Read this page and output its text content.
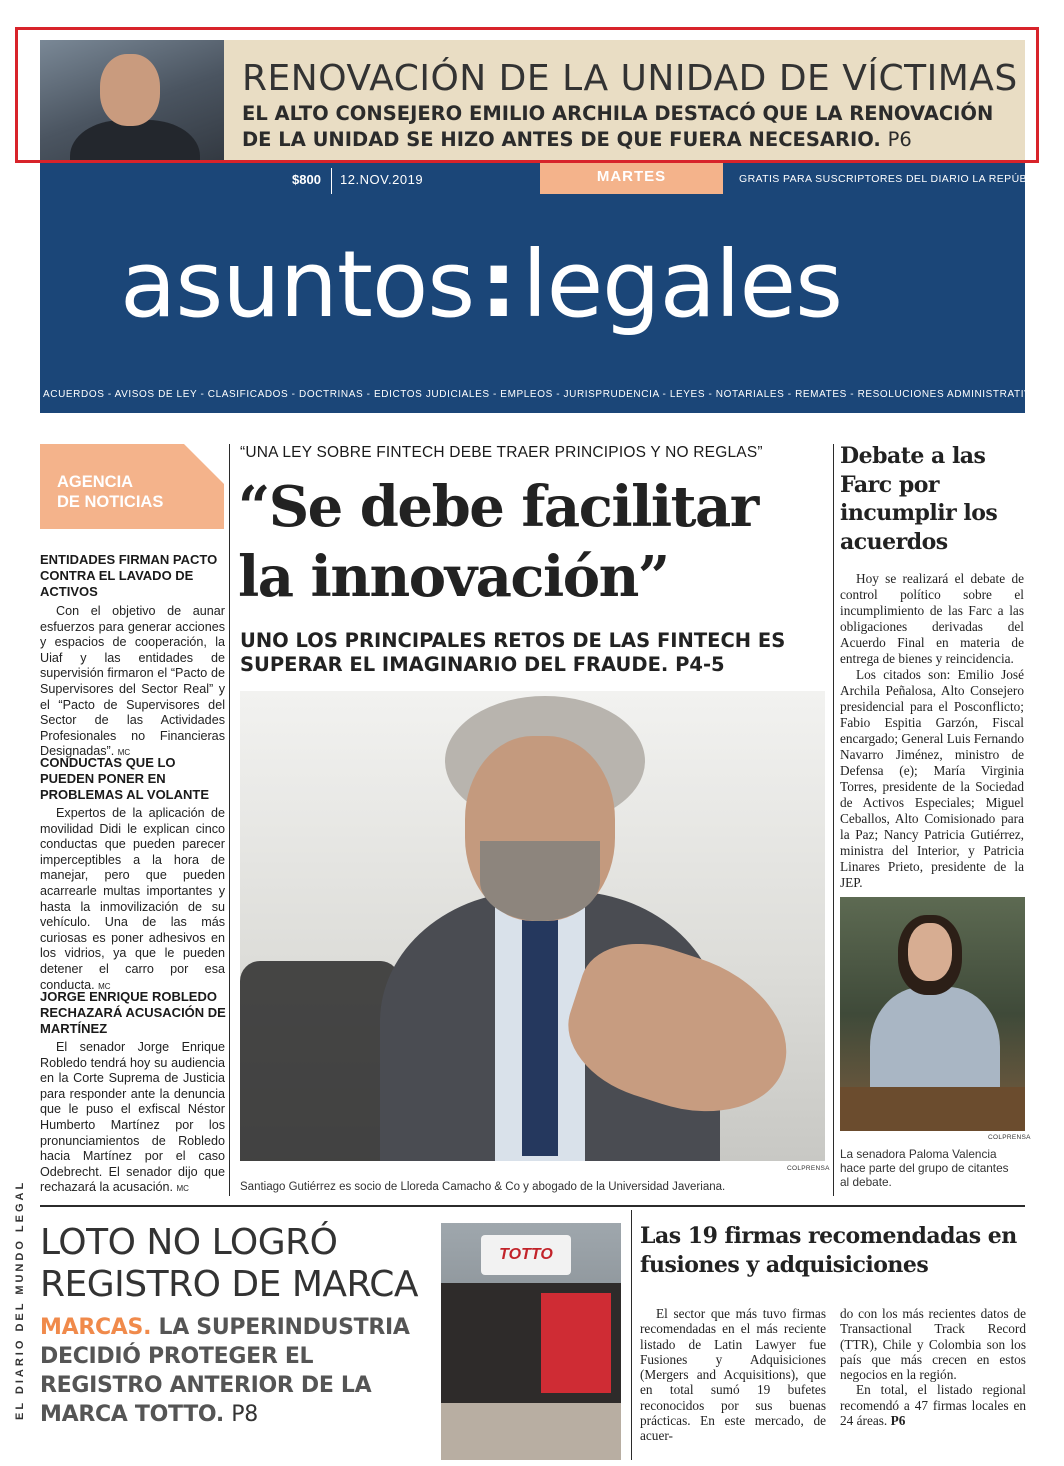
RENOVACIÓN DE LA UNIDAD DE VÍCTIMAS
EL ALTO CONSEJERO EMILIO ARCHILA DESTACÓ QUE LA RENOVACIÓN DE LA UNIDAD SE HIZO ANTES DE QUE FUERA NECESARIO. P6
$800 12.NOV.2019	MARTES	GRATIS PARA SUSCRIPTORES DEL DIARIO LA REPÚBLICA
asuntos:legales
ACUERDOS - AVISOS DE LEY - CLASIFICADOS - DOCTRINAS - EDICTOS JUDICIALES - EMPLEOS - JURISPRUDENCIA - LEYES - NOTARIALES - REMATES - RESOLUCIONES ADMINISTRATIVAS
AGENCIA
DE NOTICIAS
ENTIDADES FIRMAN PACTO CONTRA EL LAVADO DE ACTIVOS
Con el objetivo de aunar esfuerzos para generar acciones y espacios de cooperación, la Uiaf y las entidades de supervisión firmaron el “Pacto de Supervisores del Sector Real” y el “Pacto de Supervisores del Sector de las Actividades Profesionales no Financieras Designadas”. MC
CONDUCTAS QUE LO PUEDEN PONER EN PROBLEMAS AL VOLANTE
Expertos de la aplicación de movilidad Didi le explican cinco conductas que pueden parecer imperceptibles a la hora de manejar, pero que pueden acarrearle multas importantes y hasta la inmovilización de su vehículo. Una de las más curiosas es poner adhesivos en los vidrios, ya que le pueden detener el carro por esa conducta. MC
JORGE ENRIQUE ROBLEDO RECHAZARÁ ACUSACIÓN DE MARTÍNEZ
El senador Jorge Enrique Robledo tendrá hoy su audiencia en la Corte Suprema de Justicia para responder ante la denuncia que le puso el exfiscal Néstor Humberto Martínez por los pronunciamientos de Robledo hacia Martínez por el caso Odebrecht. El senador dijo que rechazará la acusación. MC
“UNA LEY SOBRE FINTECH DEBE TRAER PRINCIPIOS Y NO REGLAS”
“Se debe facilitar la innovación”
UNO LOS PRINCIPALES RETOS DE LAS FINTECH ES SUPERAR EL IMAGINARIO DEL FRAUDE. P4-5
COLPRENSA
Santiago Gutiérrez es socio de Lloreda Camacho & Co y abogado de la Universidad Javeriana.
Debate a las Farc por incumplir los acuerdos
Hoy se realizará el debate de control político sobre el incumplimiento de las Farc a las obligaciones derivadas del Acuerdo Final en materia de entrega de bienes y reincidencia.
Los citados son: Emilio José Archila Peñalosa, Alto Consejero presidencial para el Posconflicto; Fabio Espitia Garzón, Fiscal encargado; General Luis Fernando Navarro Jiménez, ministro de Defensa (e); María Virginia Torres, presidente de la Sociedad de Activos Especiales; Miguel Ceballos, Alto Comisionado para la Paz; Nancy Patricia Gutiérrez, ministra del Interior, y Patricia Linares Prieto, presidente de la JEP.
COLPRENSA
La senadora Paloma Valencia hace parte del grupo de citantes al debate.
EL DIARIO DEL MUNDO LEGAL LOTO NO LOGRÓ REGISTRO DE MARCA
MARCAS. LA SUPERINDUSTRIA DECIDIÓ PROTEGER EL REGISTRO ANTERIOR DE LA MARCA TOTTO. P8
TOTTO
Las 19 firmas recomendadas en fusiones y adquisiciones
El sector que más tuvo firmas recomendadas en el más reciente listado de Latin Lawyer fue Fusiones y Adquisiciones (Mergers and Acquisitions), que en total sumó 19 bufetes reconocidos por sus buenas prácticas. En este mercado, de acuer-

do con los más recientes datos de Transactional Track Record (TTR), Chile y Colombia son los país que más crecen en estos negocios en la región.

En total, el listado regional recomendó a 47 firmas locales en 24 áreas. P6
